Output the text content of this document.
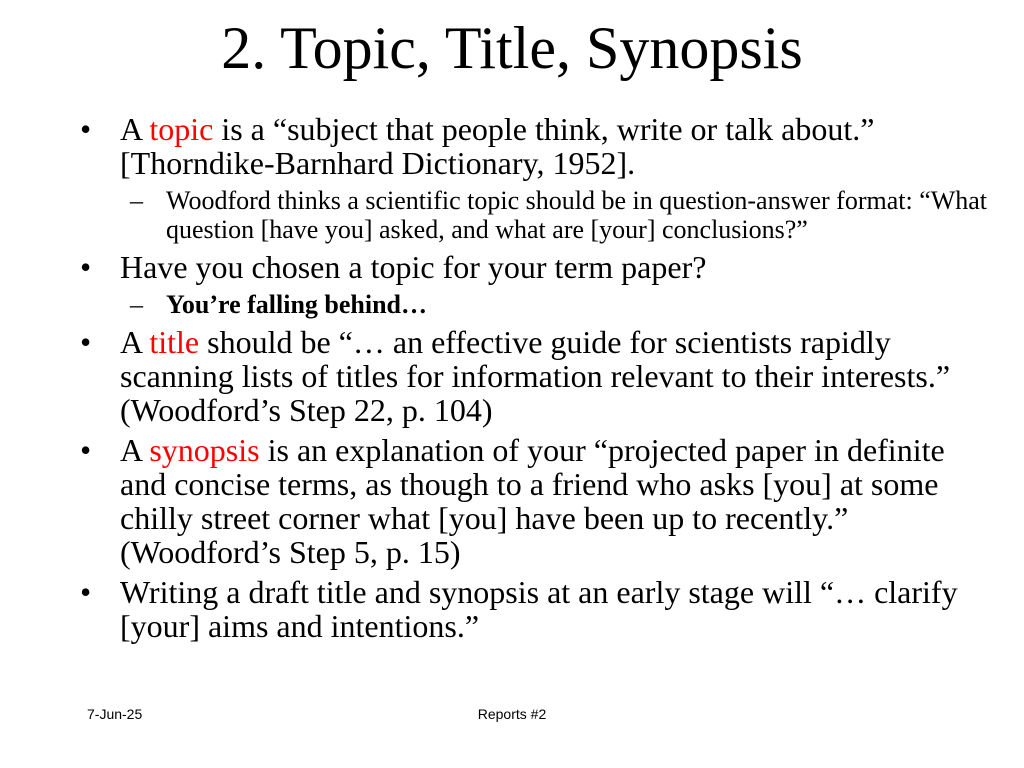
2. Topic, Title, Synopsis
• A topic is a “subject that people think, write or talk about.” [Thorndike-Barnhard Dictionary, 1952].
– Woodford thinks a scientific topic should be in question-answer format: “What question [have you] asked, and what are [your] conclusions?”
• Have you chosen a topic for your term paper?
– You’re falling behind…
• A title should be “… an effective guide for scientists rapidly scanning lists of titles for information relevant to their interests.” (Woodford’s Step 22, p. 104)
• A synopsis is an explanation of your “projected paper in definite and concise terms, as though to a friend who asks [you] at some chilly street corner what [you] have been up to recently.” (Woodford’s Step 5, p. 15)
• Writing a draft title and synopsis at an early stage will “… clarify [your] aims and intentions.”
7-Jun-25	Reports #2
